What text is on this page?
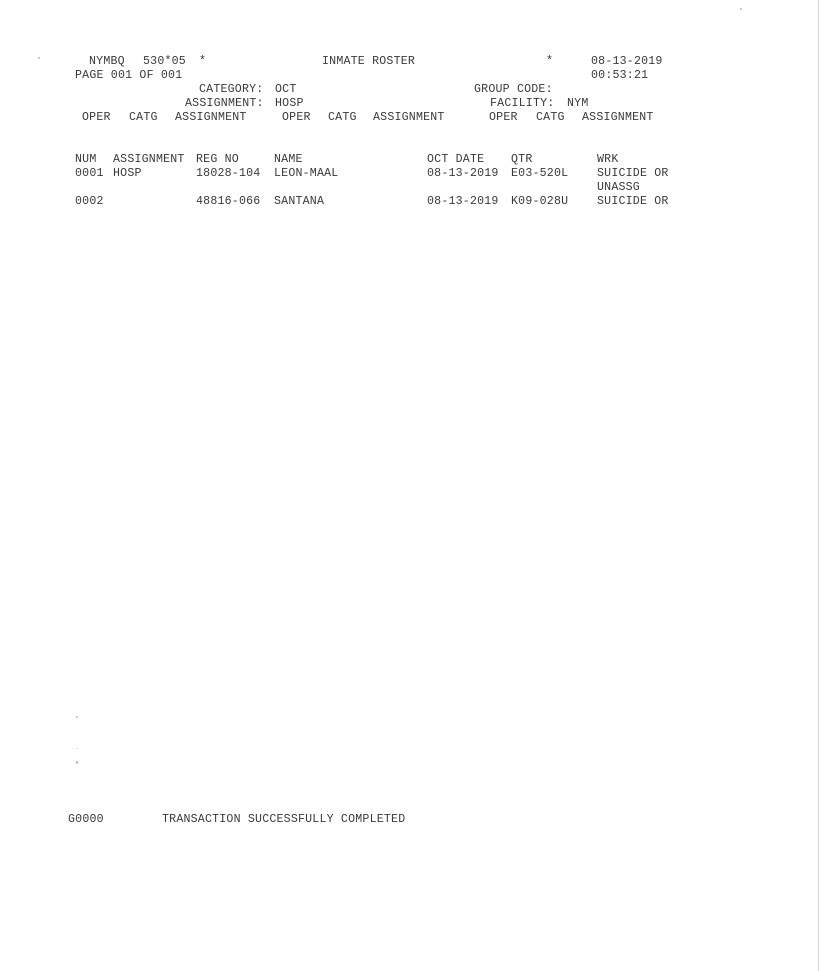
NYMBQ 530*05 *	INMATE ROSTER	*	08-13-2019
PAGE 001 OF 001	00:53:21
CATEGORY: OCT	GROUP CODE:
ASSIGNMENT: HOSP	FACILITY: NYM
OPER CATG ASSIGNMENT	OPER CATG ASSIGNMENT	OPER CATG ASSIGNMENT
NUM ASSIGNMENT REG NO	NAME	OCT DATE QTR	WRK
0001 HOSP	18028-104 LEON-MAAL	08-13-2019 E03-520L SUICIDE OR
UNASSG
0002	48816-066 SANTANA	08-13-2019 K09-028U SUICIDE OR
G0000	TRANSACTION SUCCESSFULLY COMPLETED
